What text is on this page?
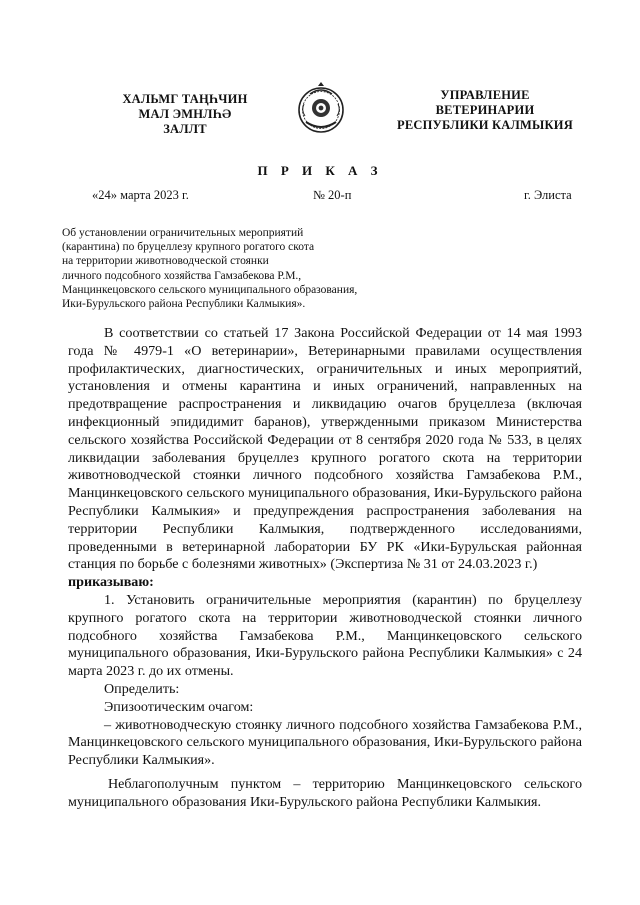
ХАЛЬМГ ТАҢҺЧИН
МАЛ ЭМНЛҺӘ
ЗАЛЛТ
УПРАВЛЕНИЕ
ВЕТЕРИНАРИИ
РЕСПУБЛИКИ КАЛМЫКИЯ
П Р И К А З
«24» марта 2023 г.	№ 20-п	г. Элиста
Об установлении ограничительных мероприятий
(карантина) по бруцеллезу крупного рогатого скота
на территории животноводческой стоянки
личного подсобного хозяйства Гамзабекова Р.М.,
Манцинкецовского сельского муниципального образования,
Ики-Бурульского района Республики Калмыкия».

В соответствии со статьей 17 Закона Российской Федерации от 14 мая 1993 года № 4979-1 «О ветеринарии», Ветеринарными правилами осуществления профилактических, диагностических, ограничительных и иных мероприятий, установления и отмены карантина и иных ограничений, направленных на предотвращение распространения и ликвидацию очагов бруцеллеза (включая инфекционный эпидидимит баранов), утвержденными приказом Министерства сельского хозяйства Российской Федерации от 8 сентября 2020 года № 533, в целях ликвидации заболевания бруцеллез крупного рогатого скота на территории животноводческой стоянки личного подсобного хозяйства Гамзабекова Р.М., Манцинкецовского сельского муниципального образования, Ики-Бурульского района Республики Калмыкия» и предупреждения распространения заболевания на территории Республики Калмыкия, подтвержденного исследованиями, проведенными в ветеринарной лаборатории БУ РК «Ики-Бурульская районная станция по борьбе с болезнями животных» (Экспертиза № 31 от 24.03.2023 г.)

приказываю:

1. Установить ограничительные мероприятия (карантин) по бруцеллезу крупного рогатого скота на территории животноводческой стоянки личного подсобного хозяйства Гамзабекова Р.М., Манцинкецовского сельского муниципального образования, Ики-Бурульского района Республики Калмыкия» с 24 марта 2023 г. до их отмены.

Определить:

Эпизоотическим очагом:

– животноводческую стоянку личного подсобного хозяйства Гамзабекова Р.М., Манцинкецовского сельского муниципального образования, Ики-Бурульского района Республики Калмыкия».

Неблагополучным пунктом – территорию Манцинкецовского сельского муниципального образования Ики-Бурульского района Республики Калмыкия.
